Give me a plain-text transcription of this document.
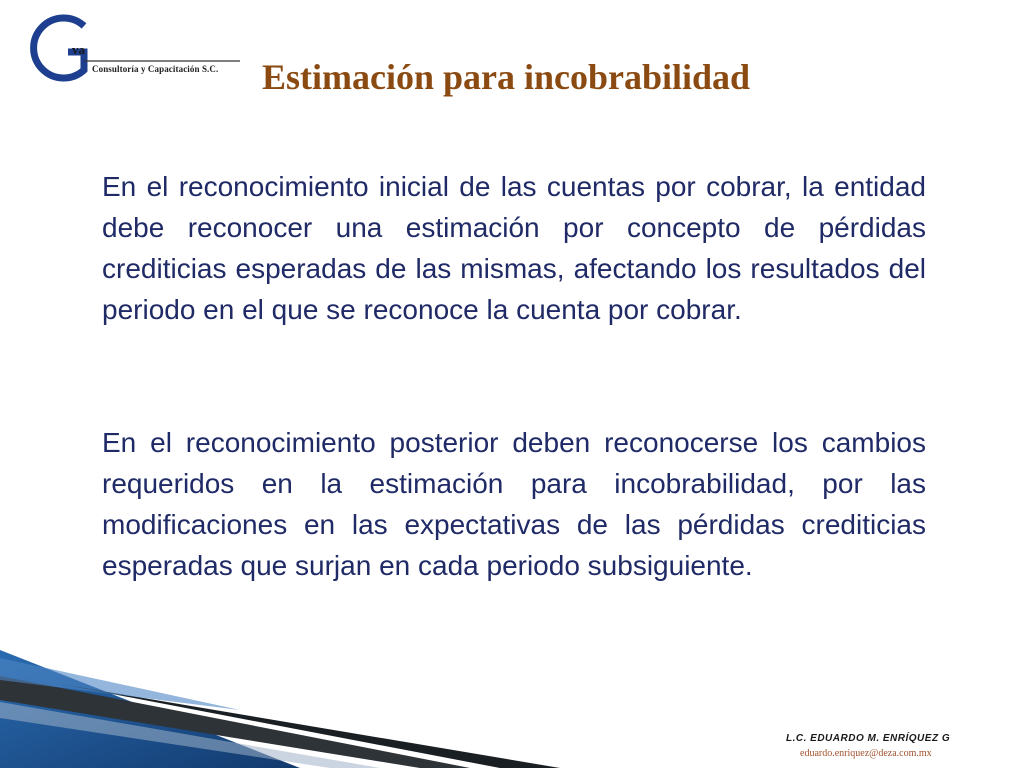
va
Consultoría y Capacitación S.C. Estimación para incobrabilidad

En el reconocimiento inicial de las cuentas por cobrar, la entidad debe reconocer una estimación por concepto de pérdidas crediticias esperadas de las mismas, afectando los resultados del periodo en el que se reconoce la cuenta por cobrar.

En el reconocimiento posterior deben reconocerse los cambios requeridos en la estimación para incobrabilidad, por las modificaciones en las expectativas de las pérdidas crediticias esperadas que surjan en cada periodo subsiguiente.

L.C. EDUARDO M. ENRÍQUEZ G
eduardo.enriquez@deza.com.mx
